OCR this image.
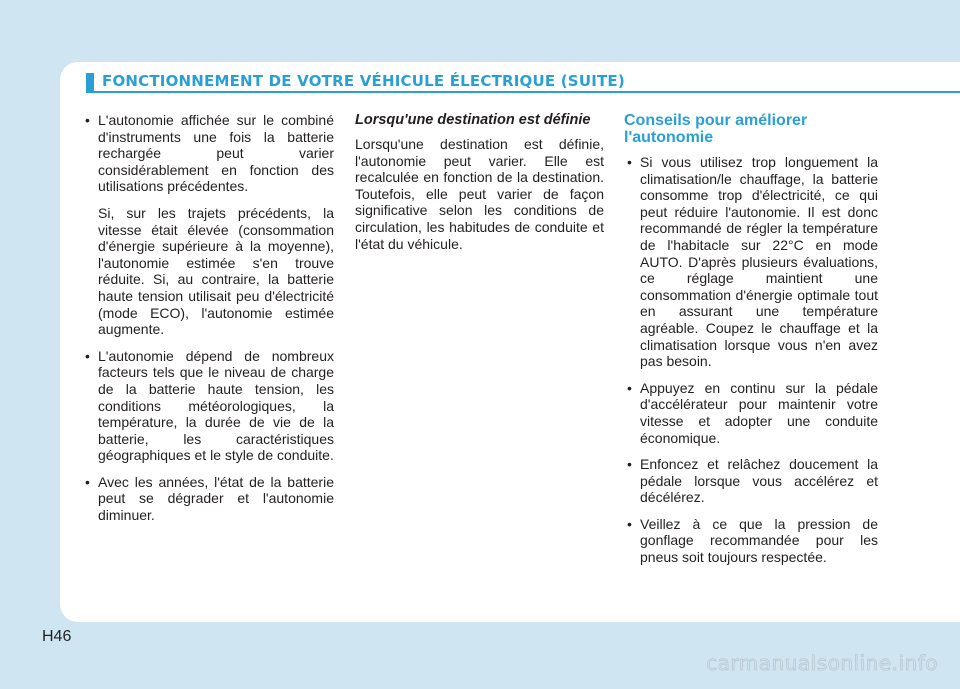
FONCTIONNEMENT DE VOTRE VÉHICULE ÉLECTRIQUE (SUITE)
• L'autonomie affichée sur le combiné d'instruments une fois la batterie rechargée peut varier considérablement en fonction des utilisations précédentes.
Si, sur les trajets précédents, la vitesse était élevée (consommation d'énergie supérieure à la moyenne), l'autonomie estimée s'en trouve réduite. Si, au contraire, la batterie haute tension utilisait peu d'électricité (mode ECO), l'autonomie estimée augmente.
• L'autonomie dépend de nombreux facteurs tels que le niveau de charge de la batterie haute tension, les conditions météorologiques, la température, la durée de vie de la batterie, les caractéristiques géographiques et le style de conduite.
• Avec les années, l'état de la batterie peut se dégrader et l'autonomie diminuer.
Lorsqu'une destination est définie
Lorsqu'une destination est définie, l'autonomie peut varier. Elle est recalculée en fonction de la destination. Toutefois, elle peut varier de façon significative selon les conditions de circulation, les habitudes de conduite et l'état du véhicule.
Conseils pour améliorer l'autonomie
• Si vous utilisez trop longuement la climatisation/le chauffage, la batterie consomme trop d'électricité, ce qui peut réduire l'autonomie. Il est donc recommandé de régler la température de l'habitacle sur 22°C en mode AUTO. D'après plusieurs évaluations, ce réglage maintient une consommation d'énergie optimale tout en assurant une température agréable. Coupez le chauffage et la climatisation lorsque vous n'en avez pas besoin.
• Appuyez en continu sur la pédale d'accélérateur pour maintenir votre vitesse et adopter une conduite économique.
• Enfoncez et relâchez doucement la pédale lorsque vous accélérez et décélérez.
• Veillez à ce que la pression de gonflage recommandée pour les pneus soit toujours respectée.
H46
carmanualsonline.info
